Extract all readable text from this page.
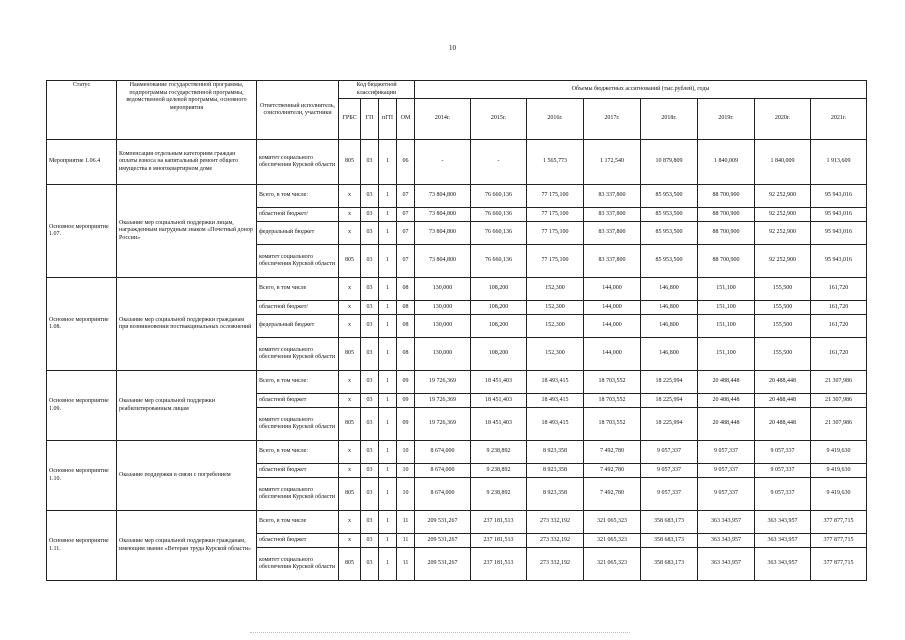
10
Статус	Наименование государственной программы, подпрограммы государственной программы, ведомственной целевой программы, основного мероприятия	Ответственный исполнитель, соисполнители, участники	Код бюджетной классификации				Объемы бюджетных ассигнований (тыс.рублей), годы							
			ГРБС	ГП	пГП	ОМ	2014г.	2015г.	2016г.	2017г.	2018г.	2019г.	2020г.	2021г.
Мероприятие 1.06.4	Компенсация отдельным категориям граждан оплаты взноса на капитальный ремонт общего имущества в многоквартирном доме	комитет социального обеспечения Курской области	805	03	1	06	-	-	1 565,773	1 172,540	10 879,809	1 840,009	1 840,009	1 913,609
Основное мероприятие 1.07.	Оказание мер социальной поддержки лицам, награжденным нагрудным знаком «Почетный донор России»	Всего, в том числе:	х	03	1	07	73 804,800	76 660,136	77 175,100	83 337,800	85 953,500	88 700,900	92 252,900	95 943,016
		областной бюджет/	х	03	1	07	73 804,800	76 660,136	77 175,100	83 337,800	85 953,500	88 700,900	92 252,900	95 943,016
		федеральный бюджет	х	03	1	07	73 804,800	76 660,136	77 175,100	83 337,800	85 953,500	88 700,900	92 252,900	95 943,016
		комитет социального обеспечения Курской области	805	03	1	07	73 804,800	76 660,136	77 175,100	83 337,800	85 953,500	88 700,900	92 252,900	95 943,016
Основное мероприятие 1.08.	Оказание мер социальной поддержки гражданам при возникновении поствакцинальных осложнений	Всего, в том числе	х	03	1	08	130,000	108,200	152,300	144,000	146,800	151,100	155,500	161,720
		областной бюджет/	х	03	1	08	130,000	108,200	152,300	144,000	146,800	151,100	155,500	161,720
		федеральный бюджет	х	03	1	08	130,000	108,200	152,300	144,000	146,800	151,100	155,500	161,720
		комитет социального обеспечения Курской области	805	03	1	08	130,000	108,200	152,300	144,000	146,800	151,100	155,500	161,720
Основное мероприятие 1.09.	Оказание мер социальной поддержки реабилитированным лицам	Всего, в том числе:	х	03	1	09	19 726,369	18 451,403	18 493,415	18 703,552	18 225,994	20 488,448	20 488,448	21 307,986
		областной бюджет	х	03	1	09	19 726,369	18 451,403	18 493,415	18 703,552	18 225,994	20 488,448	20 488,448	21 307,986
		комитет социального обеспечения Курской области	805	03	1	09	19 726,369	18 451,403	18 493,415	18 703,552	18 225,994	20 488,448	20 488,448	21 307,986
Основное мероприятие 1.10.	Оказание поддержки в связи с погребением	Всего, в том числе:	х	03	1	10	8 674,000	9 238,892	8 923,358	7 492,780	9 057,337	9 057,337	9 057,337	9 419,630
		областной бюджет	х	03	1	10	8 674,000	9 238,892	8 923,358	7 492,780	9 057,337	9 057,337	9 057,337	9 419,630
		комитет социального обеспечения Курской области	805	03	1	10	8 674,000	9 238,892	8 923,358	7 492,780	9 057,337	9 057,337	9 057,337	9 419,630
Основное мероприятие 1.11.	Оказание мер социальной поддержки гражданам, имеющим звание «Ветеран труда Курской области»	Всего, в том числе	х	03	1	11	209 531,267	237 181,513	273 332,192	321 065,323	358 683,173	363 343,957	363 343,957	377 877,715
		областной бюджет	х	03	1	11	209 531,267	237 181,513	273 332,192	321 065,323	358 683,173	363 343,957	363 343,957	377 877,715
		комитет социального обеспечения Курской области	805	03	1	11	209 531,267	237 181,513	273 332,192	321 065,323	358 683,173	363 343,957	363 343,957	377 877,715
